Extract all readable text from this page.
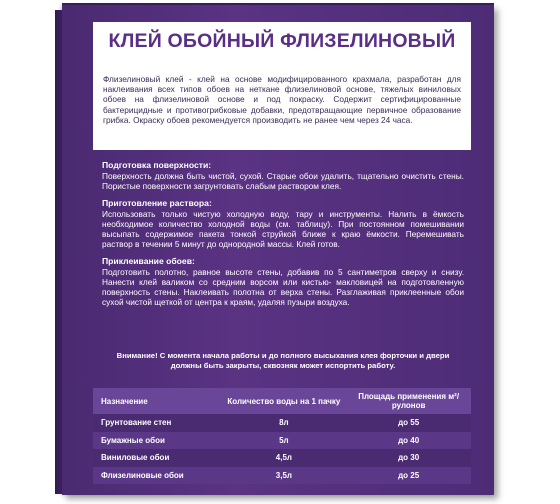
КЛЕЙ ОБОЙНЫЙ ФЛИЗЕЛИНОВЫЙ
Флизелиновый клей - клей на основе модифицированного крахмала, разработан для наклеивания всех типов обоев на неткане флизелиновой основе, тяжелых виниловых обоев на флизелиновой основе и под покраску. Содержит сертифицированные бактерицидные и противогрибковые добавки, предотвращающие первичное образование грибка. Окраску обоев рекомендуется производить не ранее чем через 24 часа.
Подготовка поверхности:

Поверхность должна быть чистой, сухой. Старые обои удалить, тщательно очистить стены. Пористые поверхности загрунтовать слабым раствором клея.

Приготовление раствора:

Использовать только чистую холодную воду, тару и инструменты. Налить в ёмкость необходимое количество холодной воды (см. таблицу). При постоянном помешивании высыпать содержимое пакета тонкой струйкой ближе к краю ёмкости. Перемешивать раствор в течении 5 минут до однородной массы. Клей готов.

Приклеивание обоев:

Подготовить полотно, равное высоте стены, добавив по 5 сантиметров сверху и снизу. Нанести клей валиком со средним ворсом или кистью- макловицей на подготовленную поверхность стены. Наклеивать полотна от верха стены. Разглаживая приклеенные обои сухой чистой щеткой от центра к краям, удаляя пузыри воздуха.

Внимание! С момента начала работы и до полного высыхания клея форточки и двери должны быть закрыты, сквозняк может испортить работу.
Назначение	Количество воды на 1 пачку	Площадь применения м²/рулонов
Грунтование стен	8л	до 55
Бумажные обои	5л	до 40
Виниловые обои	4,5л	до 30
Флизелиновые обои	3,5л	до 25
